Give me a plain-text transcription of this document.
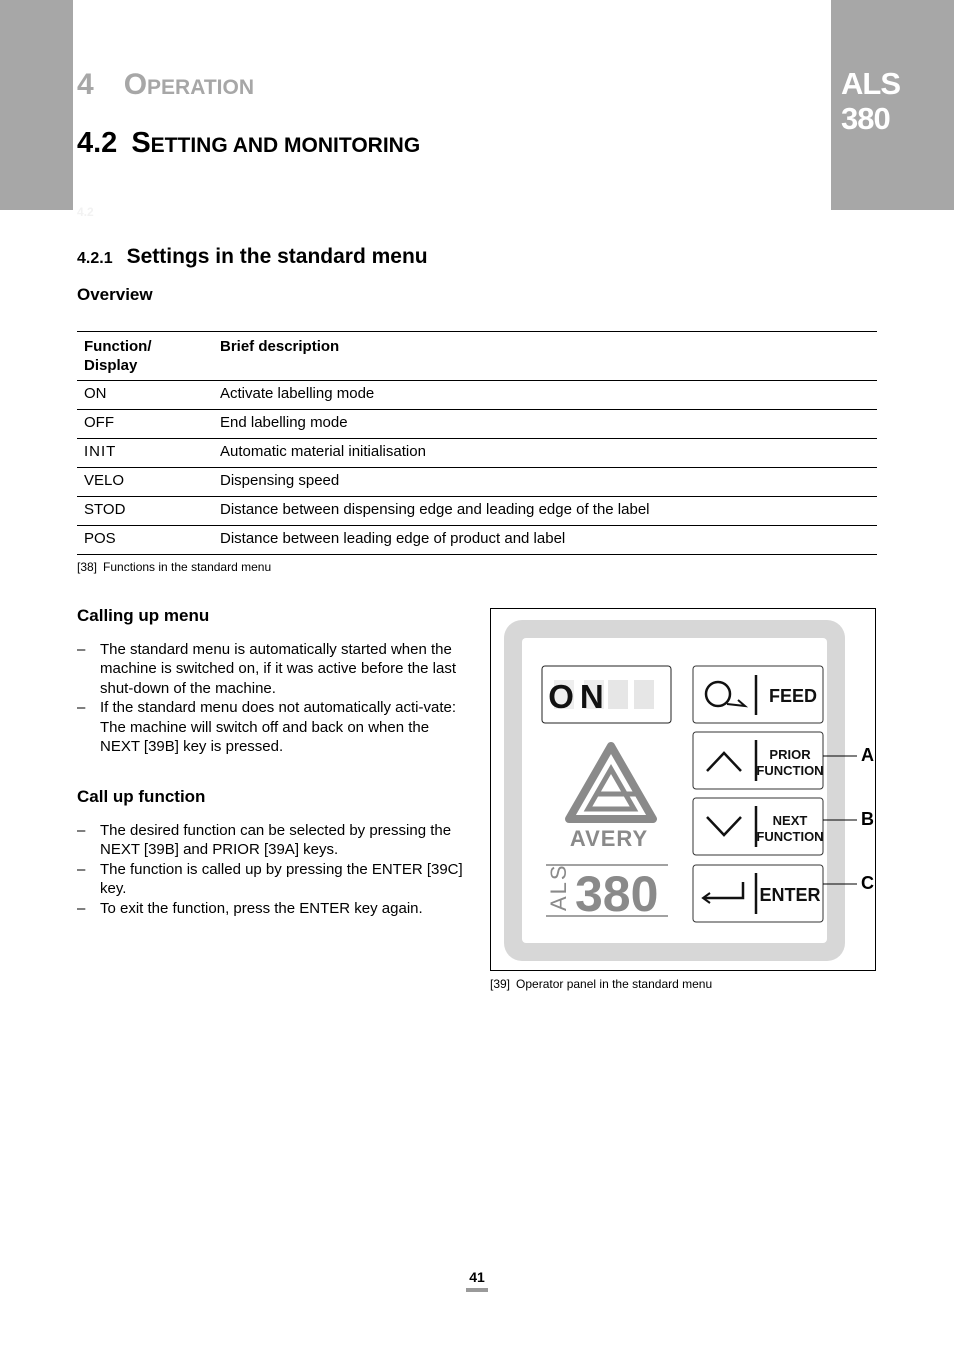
ALS
380
4 OPERATION
4.2 SETTING AND MONITORING
4.2
4.2.1 Settings in the standard menu
Overview
Function/
Display	Brief description
ON	Activate labelling mode
OFF	End labelling mode
INIT	Automatic material initialisation
VELO	Dispensing speed
STOD	Distance between dispensing edge and leading edge of the label
POS	Distance between leading edge of product and label
[38] Functions in the standard menu
Calling up menu
– The standard menu is automatically started when the machine is switched on, if it was active before the last shut-down of the machine.
– If the standard menu does not automatically acti-vate: The machine will switch off and back on when the NEXT [39B] key is pressed.
Call up function
– The desired function can be selected by pressing the NEXT [39B] and PRIOR [39A] keys.
– The function is called up by pressing the ENTER [39C] key.
– To exit the function, press the ENTER key again.
ON
AVERY
ALS 380
FEED
PRIOR
FUNCTION
NEXT
FUNCTION
ENTER
A
B
C
[39] Operator panel in the standard menu
41
